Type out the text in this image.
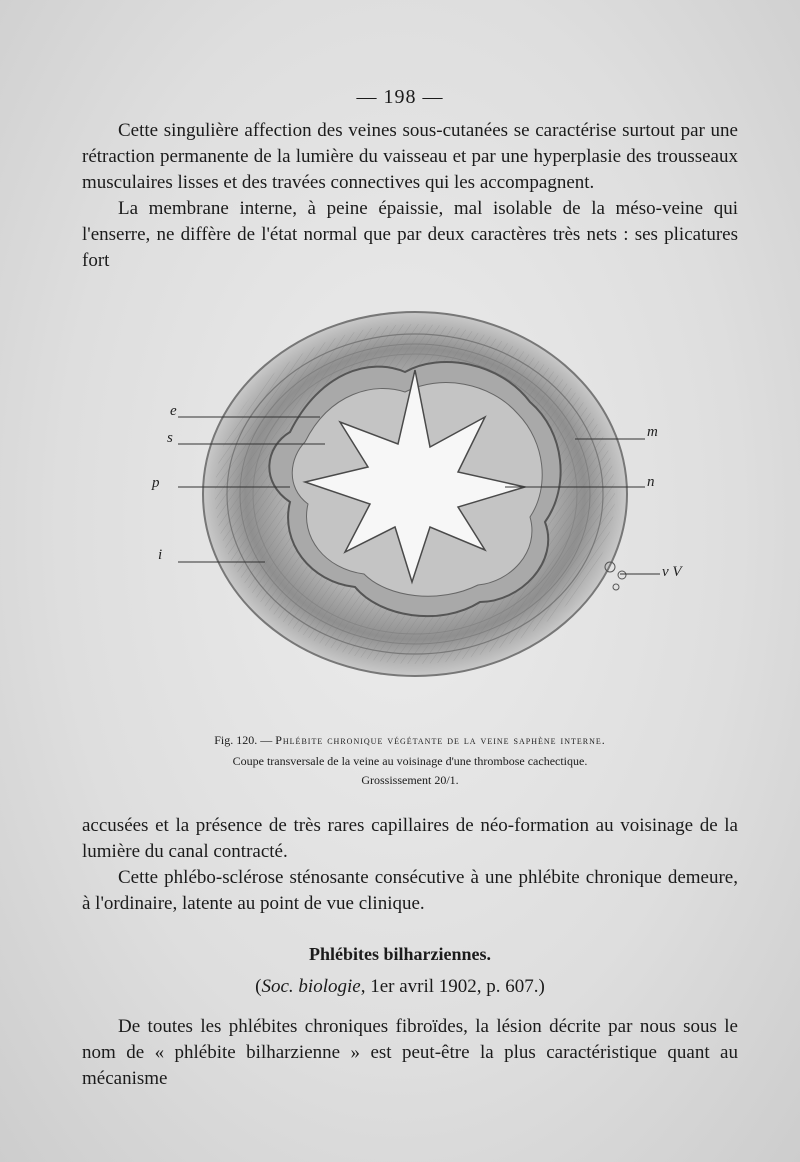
— 198 —

Cette singulière affection des veines sous-cutanées se caractérise surtout par une rétraction permanente de la lumière du vaisseau et par une hyperplasie des trousseaux musculaires lisses et des travées connectives qui les accompagnent.

La membrane interne, à peine épaissie, mal isolable de la méso-veine qui l'enserre, ne diffère de l'état normal que par deux caractères très nets : ses plicatures fort

e
s
p
i
m
n
v V
Fig. 120. — Phlébite chronique végétante de la veine saphène interne.
Coupe transversale de la veine au voisinage d'une thrombose cachectique.
Grossissement 20/1.

accusées et la présence de très rares capillaires de néo-formation au voisinage de la lumière du canal contracté.

Cette phlébo-sclérose sténosante consécutive à une phlébite chronique demeure, à l'ordinaire, latente au point de vue clinique.

Phlébites bilharziennes.
(Soc. biologie, 1er avril 1902, p. 607.)

De toutes les phlébites chroniques fibroïdes, la lésion décrite par nous sous le nom de « phlébite bilharzienne » est peut-être la plus caractéristique quant au mécanisme
